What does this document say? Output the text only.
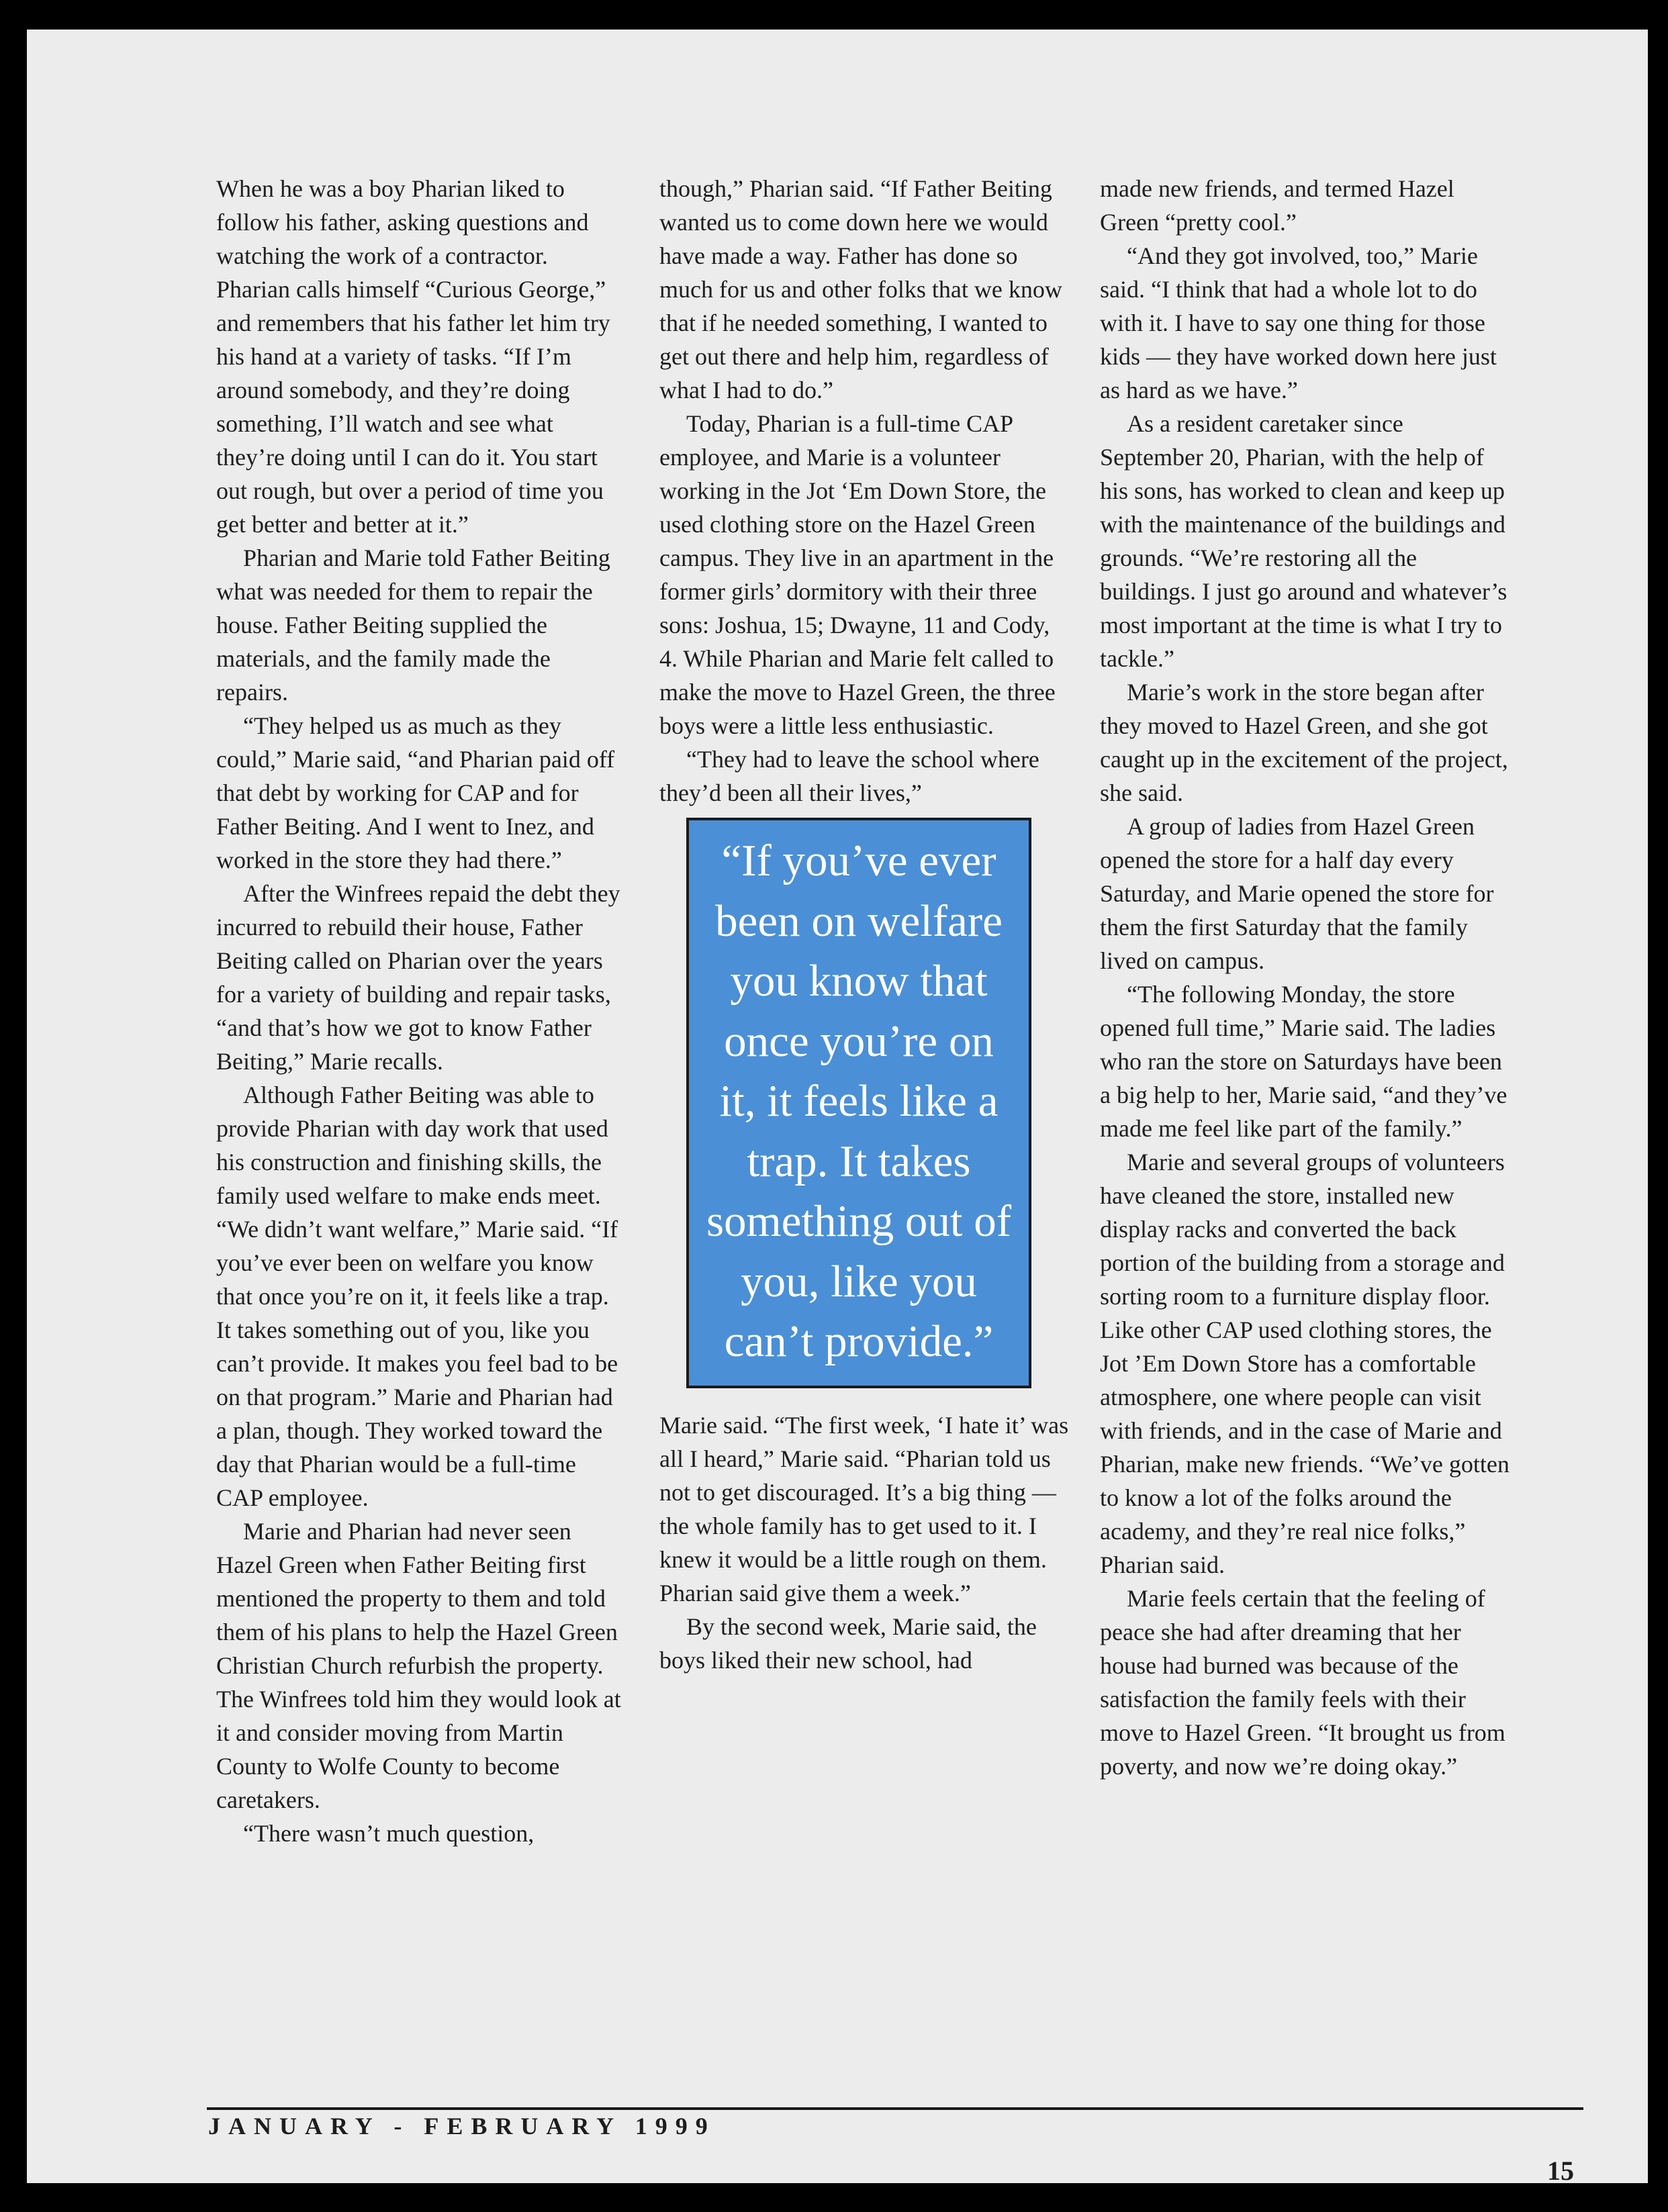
When he was a boy Pharian liked to follow his father, asking questions and watching the work of a contractor. Pharian calls himself “Curious George,” and remembers that his father let him try his hand at a variety of tasks. “If I’m around somebody, and they’re doing something, I’ll watch and see what they’re doing until I can do it. You start out rough, but over a period of time you get better and better at it.”

Pharian and Marie told Father Beiting what was needed for them to repair the house. Father Beiting supplied the materials, and the family made the repairs.

“They helped us as much as they could,” Marie said, “and Pharian paid off that debt by working for CAP and for Father Beiting. And I went to Inez, and worked in the store they had there.”

After the Winfrees repaid the debt they incurred to rebuild their house, Father Beiting called on Pharian over the years for a variety of building and repair tasks, “and that’s how we got to know Father Beiting,” Marie recalls.

Although Father Beiting was able to provide Pharian with day work that used his construction and finishing skills, the family used welfare to make ends meet. “We didn’t want welfare,” Marie said. “If you’ve ever been on welfare you know that once you’re on it, it feels like a trap. It takes something out of you, like you can’t provide. It makes you feel bad to be on that program.” Marie and Pharian had a plan, though. They worked toward the day that Pharian would be a full-time CAP employee.

Marie and Pharian had never seen Hazel Green when Father Beiting first mentioned the property to them and told them of his plans to help the Hazel Green Christian Church refurbish the property. The Winfrees told him they would look at it and consider moving from Martin County to Wolfe County to become caretakers.

“There wasn’t much question,

though,” Pharian said. “If Father Beiting wanted us to come down here we would have made a way. Father has done so much for us and other folks that we know that if he needed something, I wanted to get out there and help him, regardless of what I had to do.”

Today, Pharian is a full-time CAP employee, and Marie is a volunteer working in the Jot ‘Em Down Store, the used clothing store on the Hazel Green campus. They live in an apartment in the former girls’ dormitory with their three sons: Joshua, 15; Dwayne, 11 and Cody, 4. While Pharian and Marie felt called to make the move to Hazel Green, the three boys were a little less enthusiastic.

“They had to leave the school where they’d been all their lives,”

“If you’ve ever been on welfare you know that once you’re on it, it feels like a trap. It takes something out of you, like you can’t provide.”

Marie said. “The first week, ‘I hate it’ was all I heard,” Marie said. “Pharian told us not to get discouraged. It’s a big thing — the whole family has to get used to it. I knew it would be a little rough on them. Pharian said give them a week.”

By the second week, Marie said, the boys liked their new school, had

made new friends, and termed Hazel Green “pretty cool.”

“And they got involved, too,” Marie said. “I think that had a whole lot to do with it. I have to say one thing for those kids — they have worked down here just as hard as we have.”

As a resident caretaker since September 20, Pharian, with the help of his sons, has worked to clean and keep up with the maintenance of the buildings and grounds. “We’re restoring all the buildings. I just go around and whatever’s most important at the time is what I try to tackle.”

Marie’s work in the store began after they moved to Hazel Green, and she got caught up in the excitement of the project, she said.

A group of ladies from Hazel Green opened the store for a half day every Saturday, and Marie opened the store for them the first Saturday that the family lived on campus.

“The following Monday, the store opened full time,” Marie said. The ladies who ran the store on Saturdays have been a big help to her, Marie said, “and they’ve made me feel like part of the family.”

Marie and several groups of volunteers have cleaned the store, installed new display racks and converted the back portion of the building from a storage and sorting room to a furniture display floor. Like other CAP used clothing stores, the Jot ’Em Down Store has a comfortable atmosphere, one where people can visit with friends, and in the case of Marie and Pharian, make new friends. “We’ve gotten to know a lot of the folks around the academy, and they’re real nice folks,” Pharian said.

Marie feels certain that the feeling of peace she had after dreaming that her house had burned was because of the satisfaction the family feels with their move to Hazel Green. “It brought us from poverty, and now we’re doing okay.”

JANUARY - FEBRUARY 1999
15
